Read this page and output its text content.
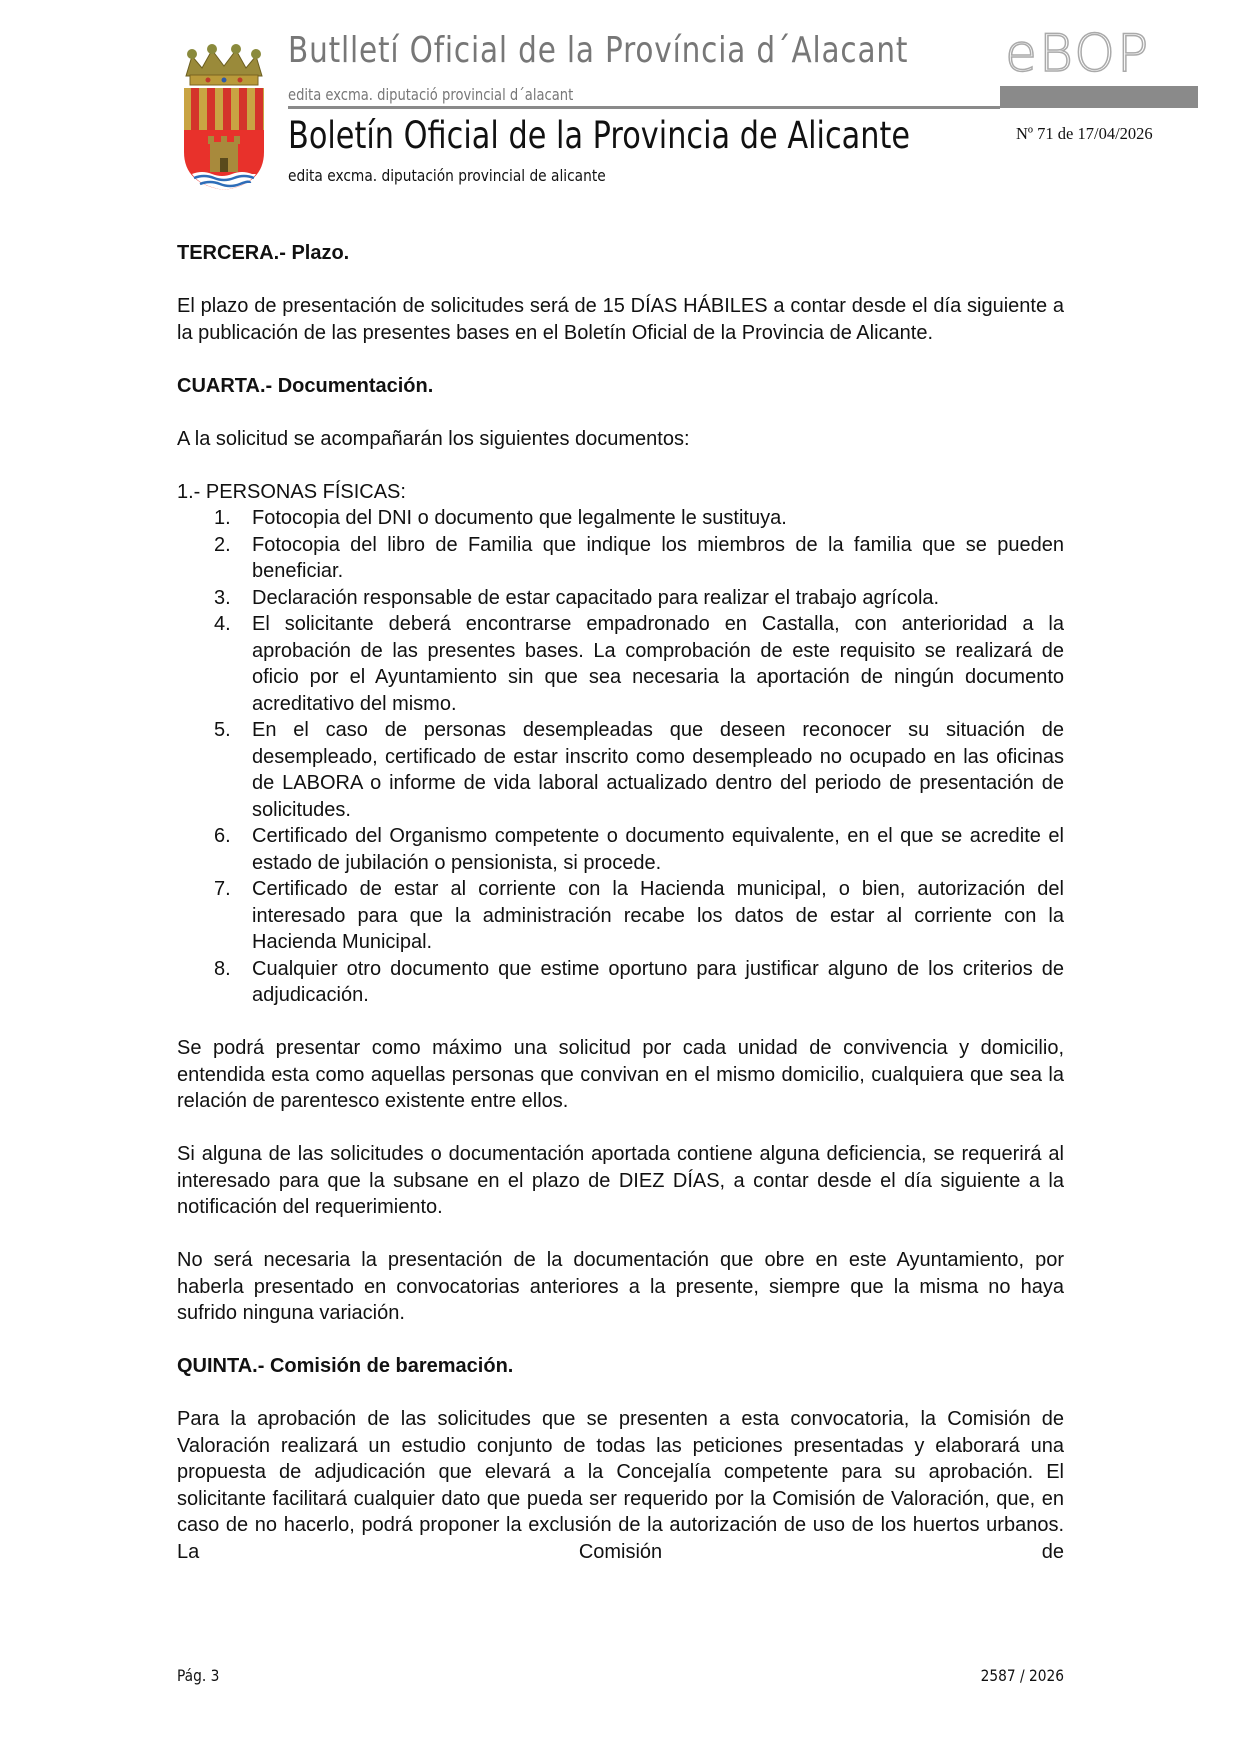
Butlletí Oficial de la Província d´Alacant
edita excma. diputació provincial d´alacant
Boletín Oficial de la Provincia de Alicante
edita excma. diputación provincial de alicante
eBOP
Nº 71 de 17/04/2026

TERCERA.- Plazo.

El plazo de presentación de solicitudes será de 15 DÍAS HÁBILES a contar desde el día siguiente a la publicación de las presentes bases en el Boletín Oficial de la Provincia de Alicante.

CUARTA.- Documentación.

A la solicitud se acompañarán los siguientes documentos:

1.- PERSONAS FÍSICAS:

1. Fotocopia del DNI o documento que legalmente le sustituya.
2. Fotocopia del libro de Familia que indique los miembros de la familia que se pueden beneficiar.
3. Declaración responsable de estar capacitado para realizar el trabajo agrícola.
4. El solicitante deberá encontrarse empadronado en Castalla, con anterioridad a la aprobación de las presentes bases. La comprobación de este requisito se realizará de oficio por el Ayuntamiento sin que sea necesaria la aportación de ningún documento acreditativo del mismo.
5. En el caso de personas desempleadas que deseen reconocer su situación de desempleado, certificado de estar inscrito como desempleado no ocupado en las oficinas de LABORA o informe de vida laboral actualizado dentro del periodo de presentación de solicitudes.
6. Certificado del Organismo competente o documento equivalente, en el que se acredite el estado de jubilación o pensionista, si procede.
7. Certificado de estar al corriente con la Hacienda municipal, o bien, autorización del interesado para que la administración recabe los datos de estar al corriente con la Hacienda Municipal.
8. Cualquier otro documento que estime oportuno para justificar alguno de los criterios de adjudicación.

Se podrá presentar como máximo una solicitud por cada unidad de convivencia y domicilio, entendida esta como aquellas personas que convivan en el mismo domicilio, cualquiera que sea la relación de parentesco existente entre ellos.

Si alguna de las solicitudes o documentación aportada contiene alguna deficiencia, se requerirá al interesado para que la subsane en el plazo de DIEZ DÍAS, a contar desde el día siguiente a la notificación del requerimiento.

No será necesaria la presentación de la documentación que obre en este Ayuntamiento, por haberla presentado en convocatorias anteriores a la presente, siempre que la misma no haya sufrido ninguna variación.

QUINTA.- Comisión de baremación.

Para la aprobación de las solicitudes que se presenten a esta convocatoria, la Comisión de Valoración realizará un estudio conjunto de todas las peticiones presentadas y elaborará una propuesta de adjudicación que elevará a la Concejalía competente para su aprobación. El solicitante facilitará cualquier dato que pueda ser requerido por la Comisión de Valoración, que, en caso de no hacerlo, podrá proponer la exclusión de la autorización de uso de los huertos urbanos. La Comisión de

Pág. 3	2587 / 2026
